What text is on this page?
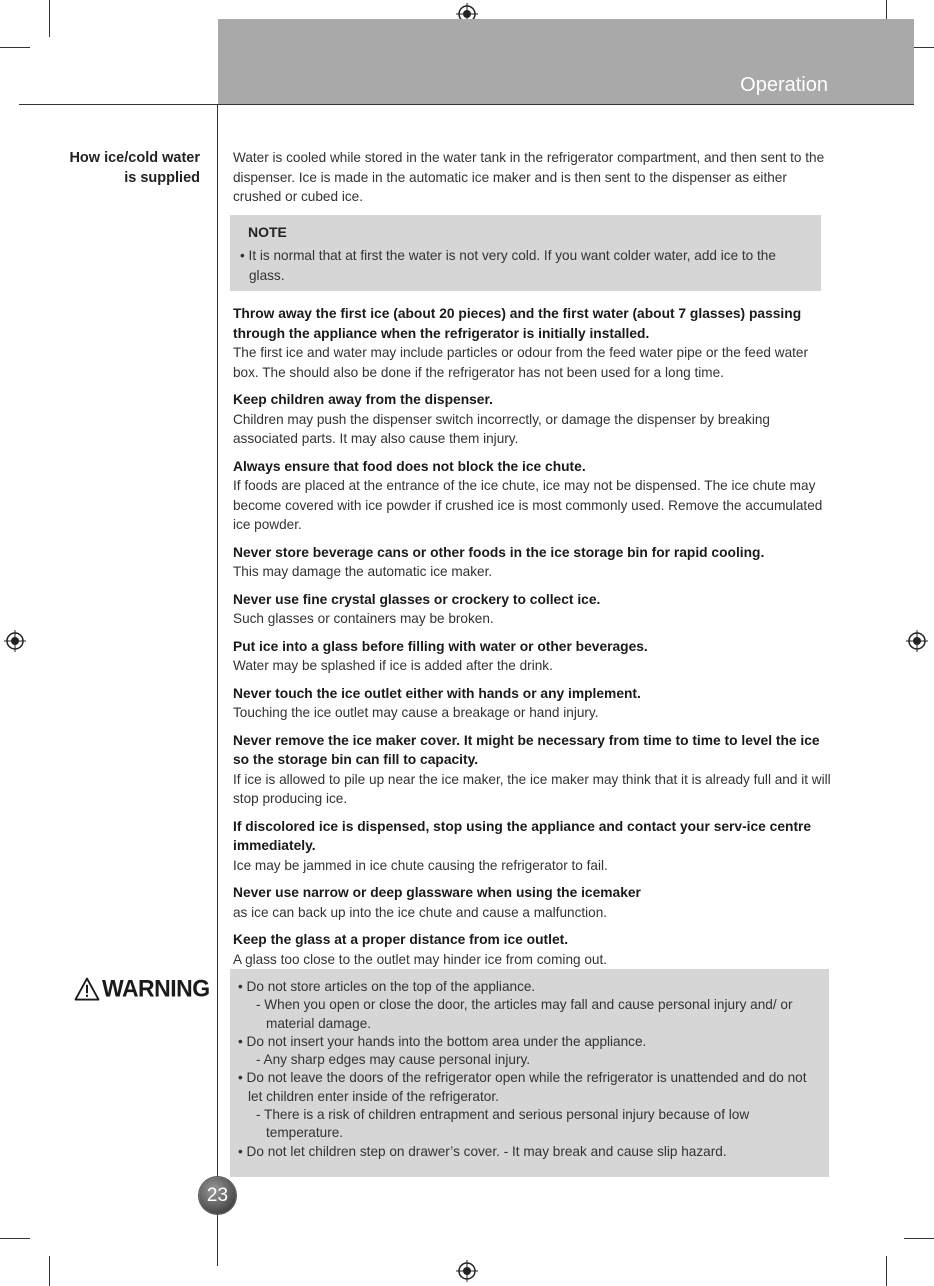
Operation
How ice/cold water is supplied

Water is cooled while stored in the water tank in the refrigerator compartment, and then sent to the dispenser. Ice is made in the automatic ice maker and is then sent to the dispenser as either crushed or cubed ice.

NOTE
• It is normal that at first the water is not very cold. If you want colder water, add ice to the glass.
Throw away the first ice (about 20 pieces) and the first water (about 7 glasses) passing through the appliance when the refrigerator is initially installed.
The first ice and water may include particles or odour from the feed water pipe or the feed water box. The should also be done if the refrigerator has not been used for a long time.
Keep children away from the dispenser.
Children may push the dispenser switch incorrectly, or damage the dispenser by breaking associated parts. It may also cause them injury.
Always ensure that food does not block the ice chute.
If foods are placed at the entrance of the ice chute, ice may not be dispensed. The ice chute may become covered with ice powder if crushed ice is most commonly used. Remove the accumulated ice powder.
Never store beverage cans or other foods in the ice storage bin for rapid cooling.
This may damage the automatic ice maker.
Never use fine crystal glasses or crockery to collect ice.
Such glasses or containers may be broken.
Put ice into a glass before filling with water or other beverages.
Water may be splashed if ice is added after the drink.
Never touch the ice outlet either with hands or any implement.
Touching the ice outlet may cause a breakage or hand injury.
Never remove the ice maker cover. It might be necessary from time to time to level the ice so the storage bin can fill to capacity.
If ice is allowed to pile up near the ice maker, the ice maker may think that it is already full and it will stop producing ice.
If discolored ice is dispensed, stop using the appliance and contact your serv-ice centre immediately.
Ice may be jammed in ice chute causing the refrigerator to fail.
Never use narrow or deep glassware when using the icemaker
as ice can back up into the ice chute and cause a malfunction.
Keep the glass at a proper distance from ice outlet.
A glass too close to the outlet may hinder ice from coming out.
WARNING • Do not store articles on the top of the appliance.
- When you open or close the door, the articles may fall and cause personal injury and/ or material damage.
• Do not insert your hands into the bottom area under the appliance.
- Any sharp edges may cause personal injury.
• Do not leave the doors of the refrigerator open while the refrigerator is unattended and do not let children enter inside of the refrigerator.
- There is a risk of children entrapment and serious personal injury because of low temperature.
• Do not let children step on drawer’s cover. - It may break and cause slip hazard.
23
